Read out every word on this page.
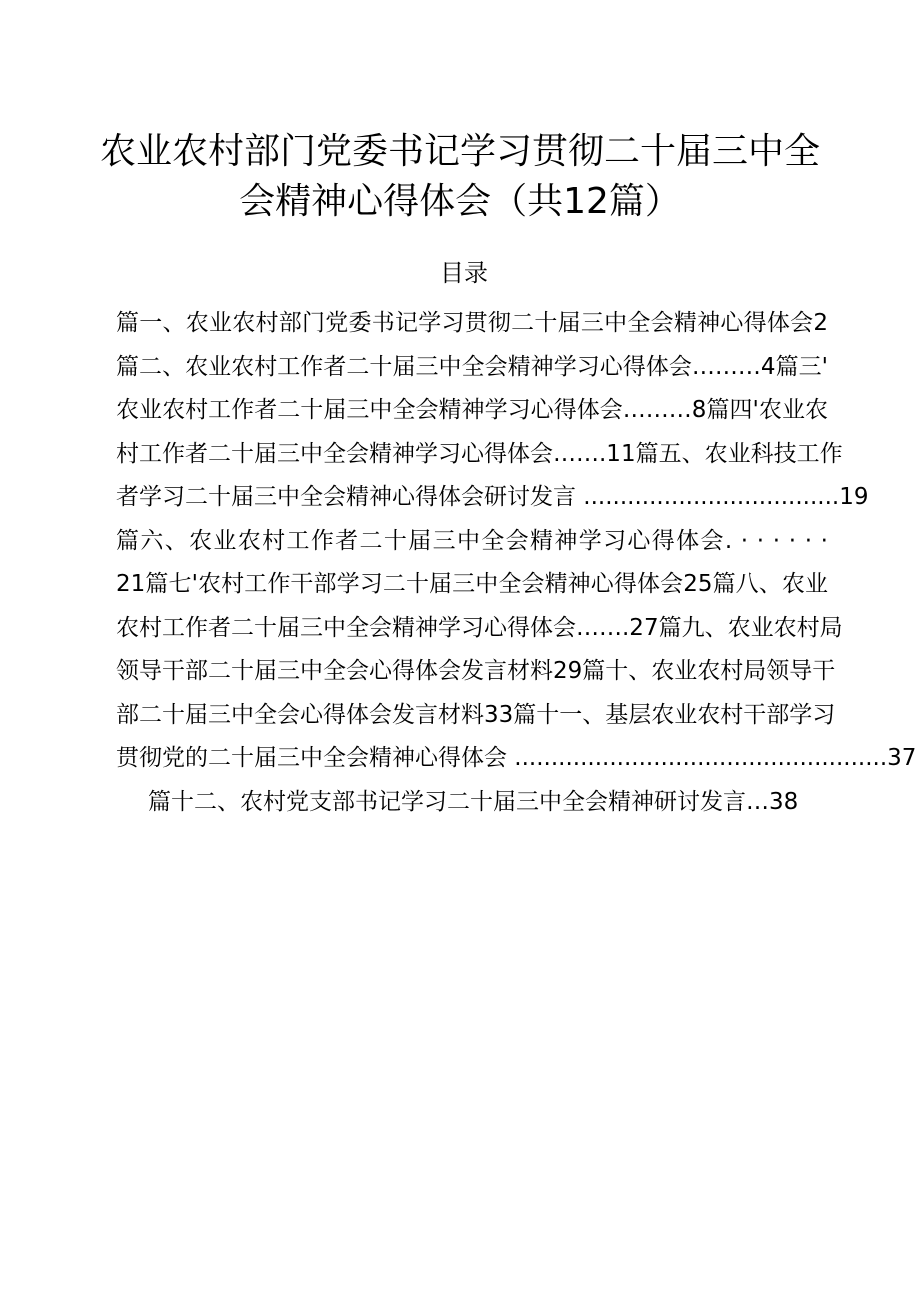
农业农村部门党委书记学习贯彻二十届三中全
会精神心得体会（共12篇）
目录
篇一、农业农村部门党委书记学习贯彻二十届三中全会精神心得体会2
篇二、农业农村工作者二十届三中全会精神学习心得体会………4篇三'
农业农村工作者二十届三中全会精神学习心得体会………8篇四'农业农
村工作者二十届三中全会精神学习心得体会…….11篇五、农业科技工作
者学习二十届三中全会精神心得体会研讨发言 ...................................19
篇六、农业农村工作者二十届三中全会精神学习心得体会. · · · · · ·
21篇七'农村工作干部学习二十届三中全会精神心得体会25篇八、农业
农村工作者二十届三中全会精神学习心得体会…….27篇九、农业农村局
领导干部二十届三中全会心得体会发言材料29篇十、农业农村局领导干
部二十届三中全会心得体会发言材料33篇十一、基层农业农村干部学习
贯彻党的二十届三中全会精神心得体会 ...................................................37
篇十二、农村党支部书记学习二十届三中全会精神研讨发言…38
